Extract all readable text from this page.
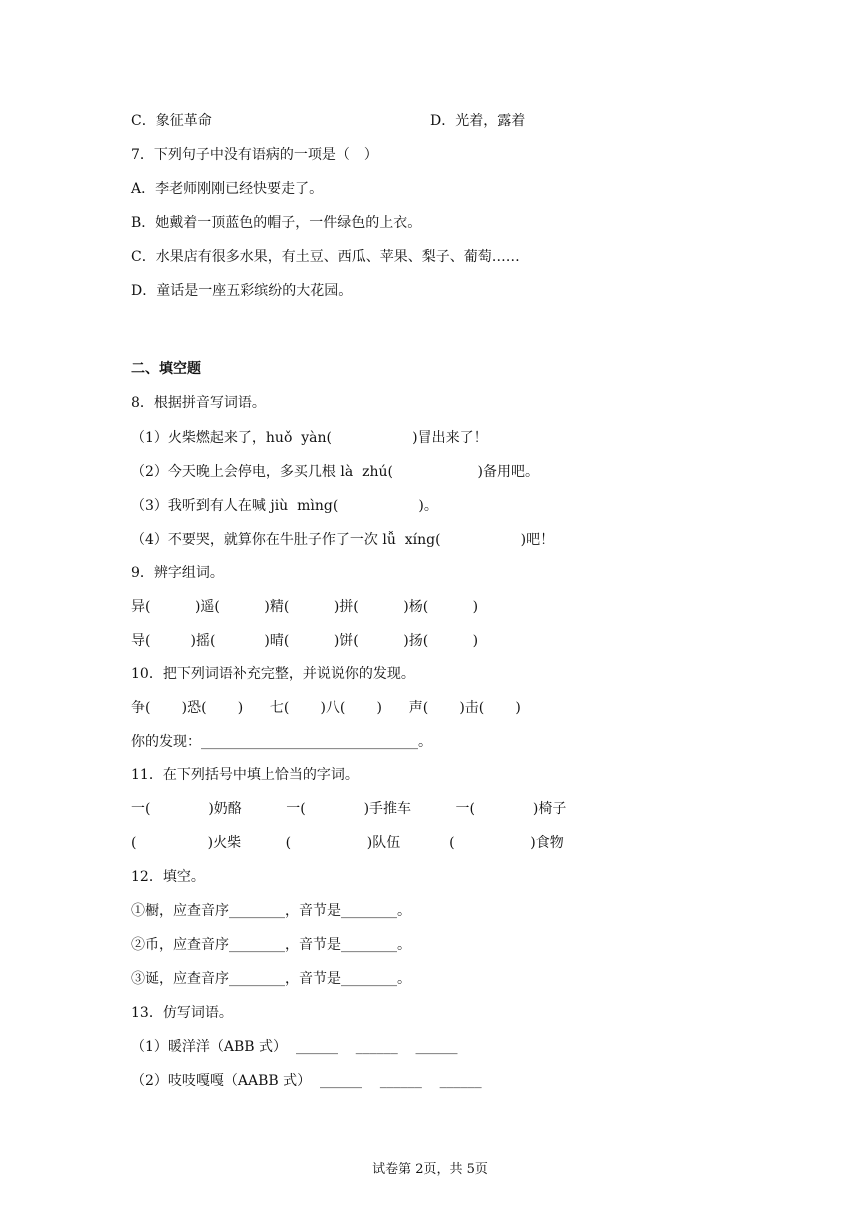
C．象征革命	D．光着，露着
7．下列句子中没有语病的一项是（　）
A．李老师刚刚已经快要走了。
B．她戴着一顶蓝色的帽子，一件绿色的上衣。
C．水果店有很多水果，有土豆、西瓜、苹果、梨子、葡萄……
D．童话是一座五彩缤纷的大花园。
二、填空题
8．根据拼音写词语。
（1）火柴燃起来了，huǒ  yàn(                  )冒出来了！
（2）今天晚上会停电，多买几根 là  zhú(                   )备用吧。
（3）我听到有人在喊 jiù  mìng(                  )。
（4）不要哭，就算你在牛肚子作了一次 lǚ  xíng(                  )吧！
9．辨字组词。
异(          )遥(          )精(          )拼(          )杨(          )
导(         )摇(           )晴(          )饼(          )扬(          )
10．把下列词语补充完整，并说说你的发现。
争(       )恐(       )      七(       )八(       )      声(       )击(       )
你的发现：_______________________________。
11．在下列括号中填上恰当的字词。
一(             )奶酪          一(             )手推车          一(             )椅子
(                )火柴          (                 )队伍           (                 )食物
12．填空。
①橱，应查音序________，音节是________。
②币，应查音序________，音节是________。
③诞，应查音序________，音节是________。
13．仿写词语。
（1）暖洋洋（ABB 式）  ______    ______    ______
（2）吱吱嘎嘎（AABB 式）  ______    ______    ______
试卷第 2页，共 5页
